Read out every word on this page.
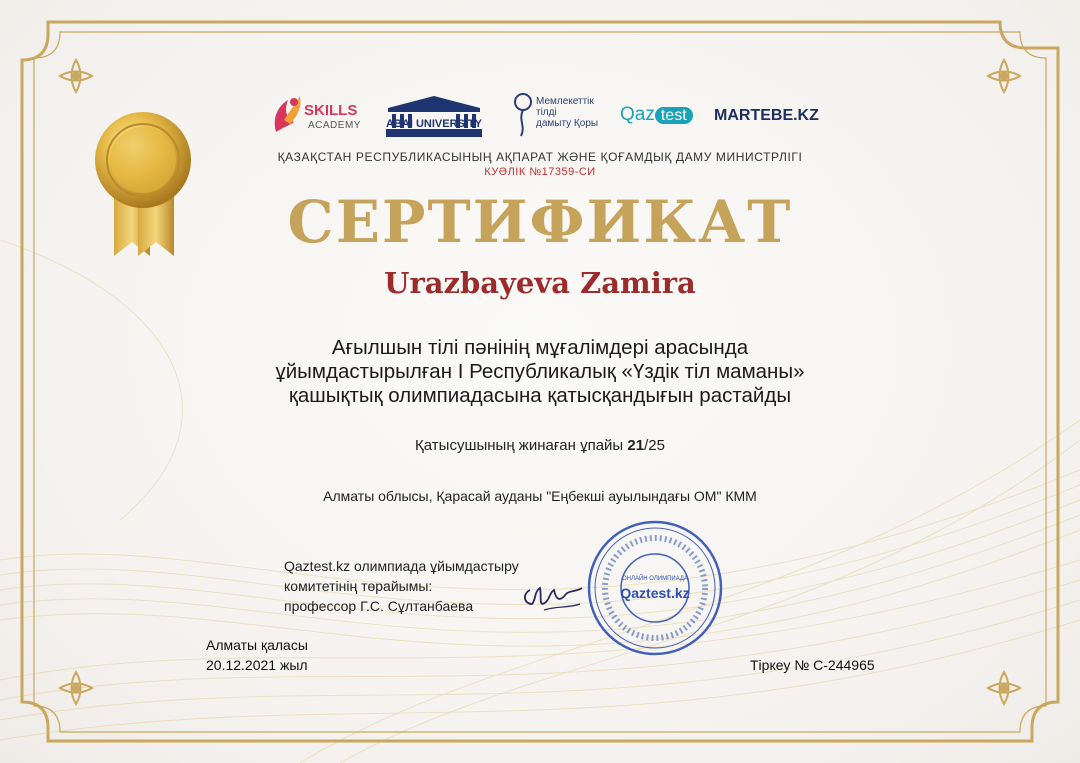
SKILLS
ACADEMY ABAI UNIVERSITY
Мемлекеттік
тілді
дамыту Қоры Qaz test	MARTEBE.KZ
ҚАЗАҚСТАН РЕСПУБЛИКАСЫНЫҢ АҚПАРАТ ЖӘНЕ ҚОҒАМДЫҚ ДАМУ МИНИСТРЛІГІ
КУӘЛІК №17359-СИ
СЕРТИФИКАТ
Urazbayeva Zamira
Ағылшын тілі пәнінің мұғалімдері арасында
ұйымдастырылған I Республикалық «Үздік тіл маманы»
қашықтық олимпиадасына қатысқандығын растайды
Қатысушының жинаған ұпайы 21/25
Алматы облысы, Қарасай ауданы "Еңбекші ауылындағы ОМ" КММ
Qaztest.kz олимпиада ұйымдастыру
комитетінің төрайымы:
профессор Г.С. Сұлтанбаева
ОНЛАЙН ОЛИМПИАДА
Qaztest.kz
Алматы қаласы
20.12.2021 жыл	Тіркеу № С-244965
